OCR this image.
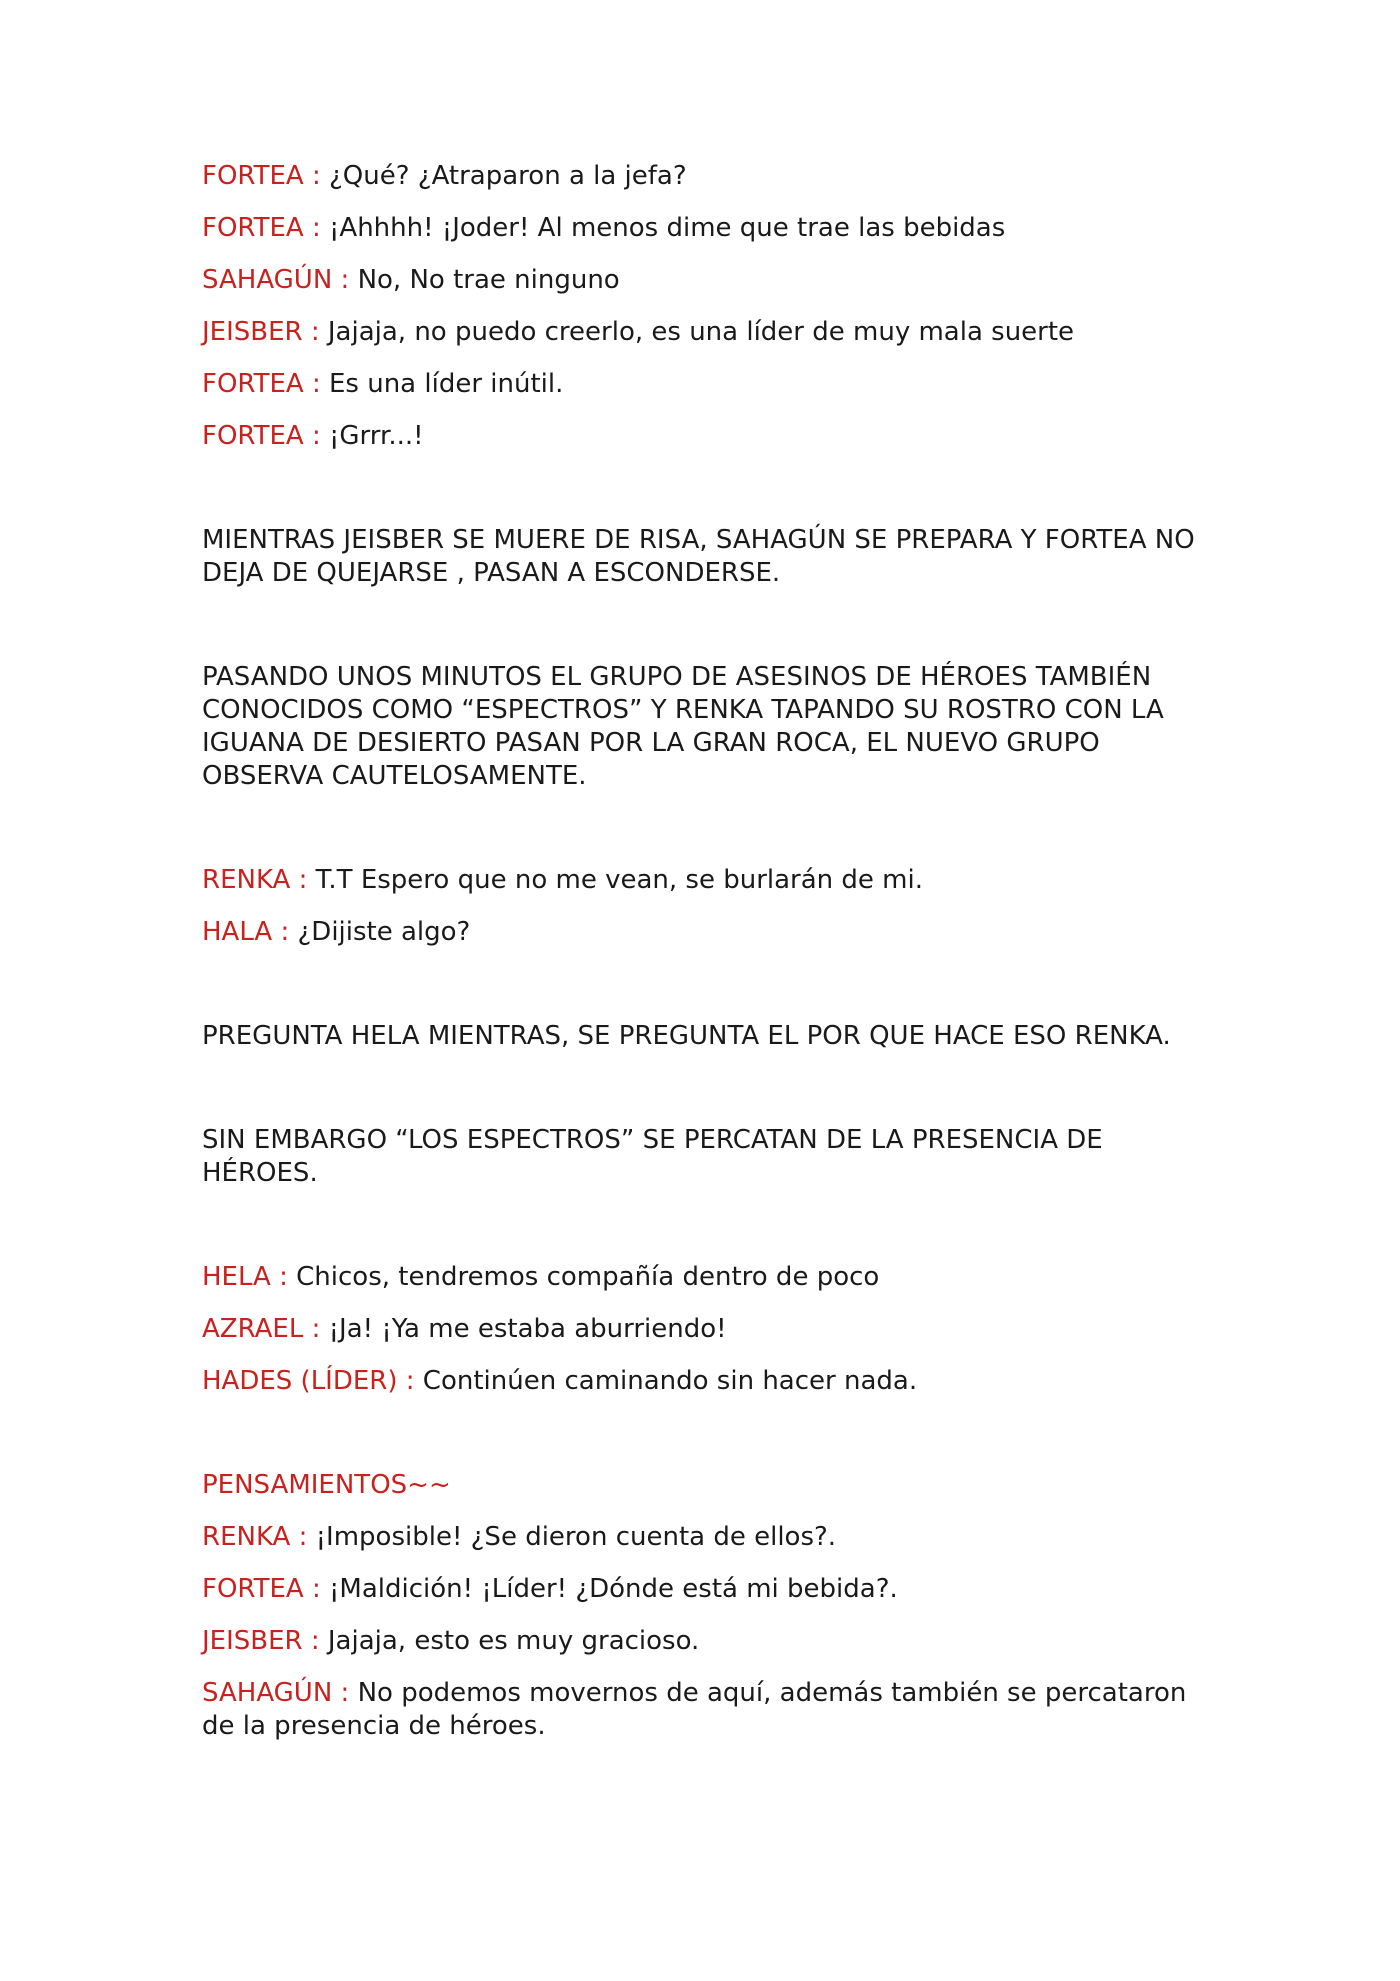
FORTEA : ¿Qué? ¿Atraparon a la jefa?

FORTEA : ¡Ahhhh! ¡Joder! Al menos dime que trae las bebidas

SAHAGÚN : No, No trae ninguno

JEISBER : Jajaja, no puedo creerlo, es una líder de muy mala suerte

FORTEA : Es una líder inútil.

FORTEA : ¡Grrr...!

MIENTRAS JEISBER SE MUERE DE RISA, SAHAGÚN SE PREPARA Y FORTEA NO DEJA DE QUEJARSE , PASAN A ESCONDERSE.

PASANDO UNOS MINUTOS EL GRUPO DE ASESINOS DE HÉROES TAMBIÉN CONOCIDOS COMO “ESPECTROS” Y RENKA TAPANDO SU ROSTRO CON LA IGUANA DE DESIERTO PASAN POR LA GRAN ROCA, EL NUEVO GRUPO OBSERVA CAUTELOSAMENTE.

RENKA : T.T Espero que no me vean, se burlarán de mi.

HALA : ¿Dijiste algo?

PREGUNTA HELA MIENTRAS, SE PREGUNTA EL POR QUE HACE ESO RENKA.

SIN EMBARGO “LOS ESPECTROS” SE PERCATAN DE LA PRESENCIA DE HÉROES.

HELA : Chicos, tendremos compañía dentro de poco

AZRAEL : ¡Ja! ¡Ya me estaba aburriendo!

HADES (LÍDER) : Continúen caminando sin hacer nada.

PENSAMIENTOS~~

RENKA : ¡Imposible! ¿Se dieron cuenta de ellos?.

FORTEA : ¡Maldición! ¡Líder! ¿Dónde está mi bebida?.

JEISBER : Jajaja, esto es muy gracioso.

SAHAGÚN : No podemos movernos de aquí, además también se percataron de la presencia de héroes.
